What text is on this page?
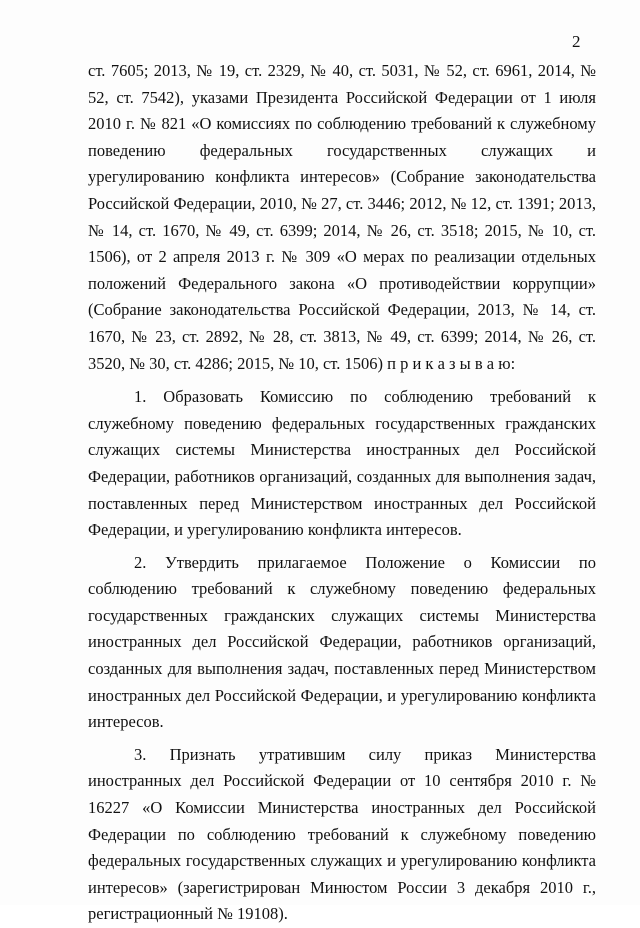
2

ст. 7605; 2013, № 19, ст. 2329, № 40, ст. 5031, № 52, ст. 6961, 2014, № 52, ст. 7542), указами Президента Российской Федерации от 1 июля 2010 г. № 821 «О комиссиях по соблюдению требований к служебному поведению федеральных государственных служащих и урегулированию конфликта интересов» (Собрание законодательства Российской Федерации, 2010, № 27, ст. 3446; 2012, № 12, ст. 1391; 2013, № 14, ст. 1670, № 49, ст. 6399; 2014, № 26, ст. 3518; 2015, № 10, ст. 1506), от 2 апреля 2013 г. № 309 «О мерах по реализации отдельных положений Федерального закона «О противодействии коррупции» (Собрание законодательства Российской Федерации, 2013, № 14, ст. 1670, № 23, ст. 2892, № 28, ст. 3813, № 49, ст. 6399; 2014, № 26, ст. 3520, № 30, ст. 4286; 2015, № 10, ст. 1506) п р и к а з ы в а ю:

1. Образовать Комиссию по соблюдению требований к служебному поведению федеральных государственных гражданских служащих системы Министерства иностранных дел Российской Федерации, работников организаций, созданных для выполнения задач, поставленных перед Министерством иностранных дел Российской Федерации, и урегулированию конфликта интересов.

2. Утвердить прилагаемое Положение о Комиссии по соблюдению требований к служебному поведению федеральных государственных гражданских служащих системы Министерства иностранных дел Российской Федерации, работников организаций, созданных для выполнения задач, поставленных перед Министерством иностранных дел Российской Федерации, и урегулированию конфликта интересов.

3. Признать утратившим силу приказ Министерства иностранных дел Российской Федерации от 10 сентября 2010 г. № 16227 «О Комиссии Министерства иностранных дел Российской Федерации по соблюдению требований к служебному поведению федеральных государственных служащих и урегулированию конфликта интересов» (зарегистрирован Минюстом России 3 декабря 2010 г., регистрационный № 19108).
